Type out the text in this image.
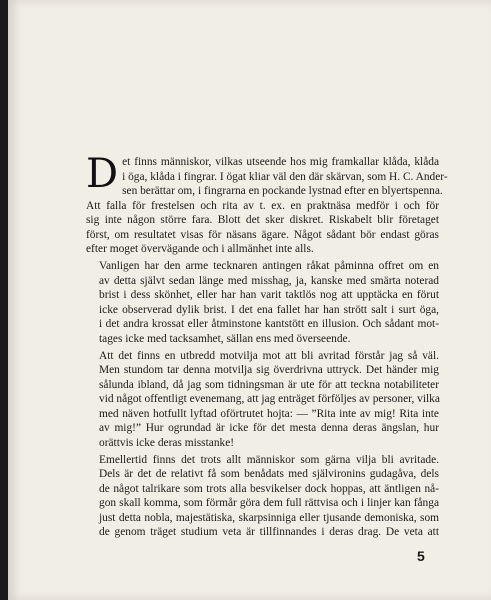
D et finns människor, vilkas utseende hos mig framkallar klåda, klåda
i öga, klåda i fingrar. I ögat kliar väl den där skärvan, som H. C. Ander-
sen berättar om, i fingrarna en pockande lystnad efter en blyertspenna.
Att falla för frestelsen och rita av t. ex. en praktnäsa medför i och för
sig inte någon större fara. Blott det sker diskret. Riskabelt blir företaget
först, om resultatet visas för näsans ägare. Något sådant bör endast göras
efter moget övervägande och i allmänhet inte alls.

Vanligen har den arme tecknaren antingen råkat påminna offret om en
av detta självt sedan länge med misshag, ja, kanske med smärta noterad
brist i dess skönhet, eller har han varit taktlös nog att upptäcka en förut
icke observerad dylik brist. I det ena fallet har han strött salt i surt öga,
i det andra krossat eller åtminstone kantstött en illusion. Och sådant mot-
tages icke med tacksamhet, sällan ens med överseende.

Att det finns en utbredd motvilja mot att bli avritad förstår jag så väl.
Men stundom tar denna motvilja sig överdrivna uttryck. Det händer mig
sålunda ibland, då jag som tidningsman är ute för att teckna notabiliteter
vid något offentligt evenemang, att jag enträget förföljes av personer, vilka
med näven hotfullt lyftad oförtrutet hojta: — ”Rita inte av mig! Rita inte
av mig!” Hur ogrundad är icke för det mesta denna deras ängslan, hur
orättvis icke deras misstanke!

Emellertid finns det trots allt människor som gärna vilja bli avritade.
Dels är det de relativt få som benådats med självironins gudagåva, dels
de något talrikare som trots alla besvikelser dock hoppas, att äntligen nå-
gon skall komma, som förmår göra dem full rättvisa och i linjer kan fånga
just detta nobla, majestätiska, skarpsinniga eller tjusande demoniska, som
de genom träget studium veta är tillfinnandes i deras drag. De veta att

5
